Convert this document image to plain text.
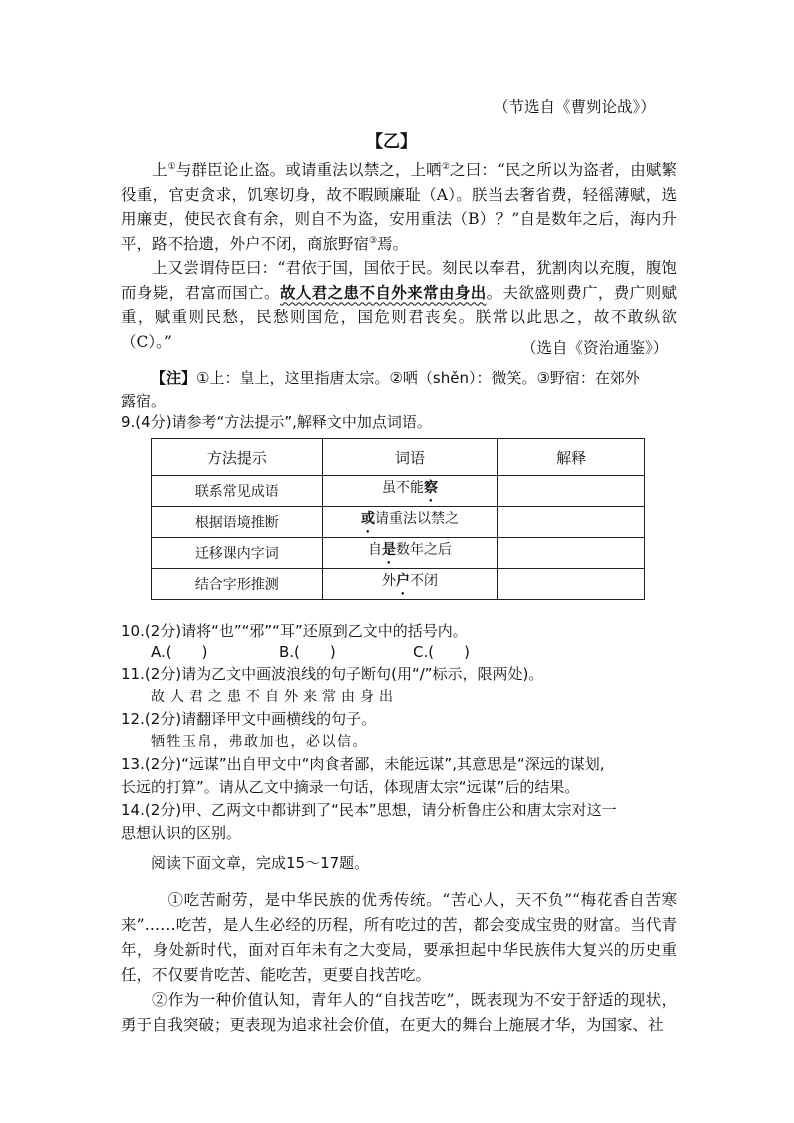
（节选自《曹刿论战》）
【乙】

上①与群臣论止盗。或请重法以禁之，上哂②之曰：“民之所以为盗者，由赋繁役重，官吏贪求，饥寒切身，故不暇顾廉耻（A）。朕当去奢省费，轻徭薄赋，选用廉吏，使民衣食有余，则自不为盗，安用重法（B）？”自是数年之后，海内升平，路不拾遗，外户不闭，商旅野宿③焉。

上又尝谓侍臣曰：“君依于国，国依于民。刻民以奉君，犹割肉以充腹，腹饱而身毙，君富而国亡。故人君之患不自外来常由身出。夫欲盛则费广，费广则赋重，赋重则民愁，民愁则国危，国危则君丧矣。朕常以此思之，故不敢纵欲（C）。”	（选自《资治通鉴》）
【注】①上：皇上，这里指唐太宗。②哂（shěn）：微笑。③野宿：在郊外
露宿。
9.(4分)请参考“方法提示”,解释文中加点词语。
方法提示	词语	解释
联系常见成语	虽不能察	
根据语境推断	或请重法以禁之	
迁移课内字词	自是数年之后	
结合字形推测	外户不闭	
10.(2分)请将“也”“邪”“耳”还原到乙文中的括号内。
A.(　　)	B.(　　)	C.(　　)
11.(2分)请为乙文中画波浪线的句子断句(用“/”标示，限两处)。
故人君之患不自外来常由身出
12.(2分)请翻译甲文中画横线的句子。
牺牲玉帛，弗敢加也，必以信。
13.(2分)“远谋”出自甲文中“肉食者鄙，未能远谋”,其意思是“深远的谋划,
长远的打算”。请从乙文中摘录一句话，体现唐太宗“远谋”后的结果。
14.(2分)甲、乙两文中都讲到了“民本”思想，请分析鲁庄公和唐太宗对这一
思想认识的区别。
阅读下面文章，完成15～17题。

①吃苦耐劳，是中华民族的优秀传统。“苦心人，天不负”“梅花香自苦寒来”……吃苦，是人生必经的历程，所有吃过的苦，都会变成宝贵的财富。当代青年，身处新时代，面对百年未有之大变局，要承担起中华民族伟大复兴的历史重任，不仅要肯吃苦、能吃苦，更要自找苦吃。

②作为一种价值认知，青年人的“自找苦吃”，既表现为不安于舒适的现状，勇于自我突破；更表现为追求社会价值，在更大的舞台上施展才华，为国家、社
